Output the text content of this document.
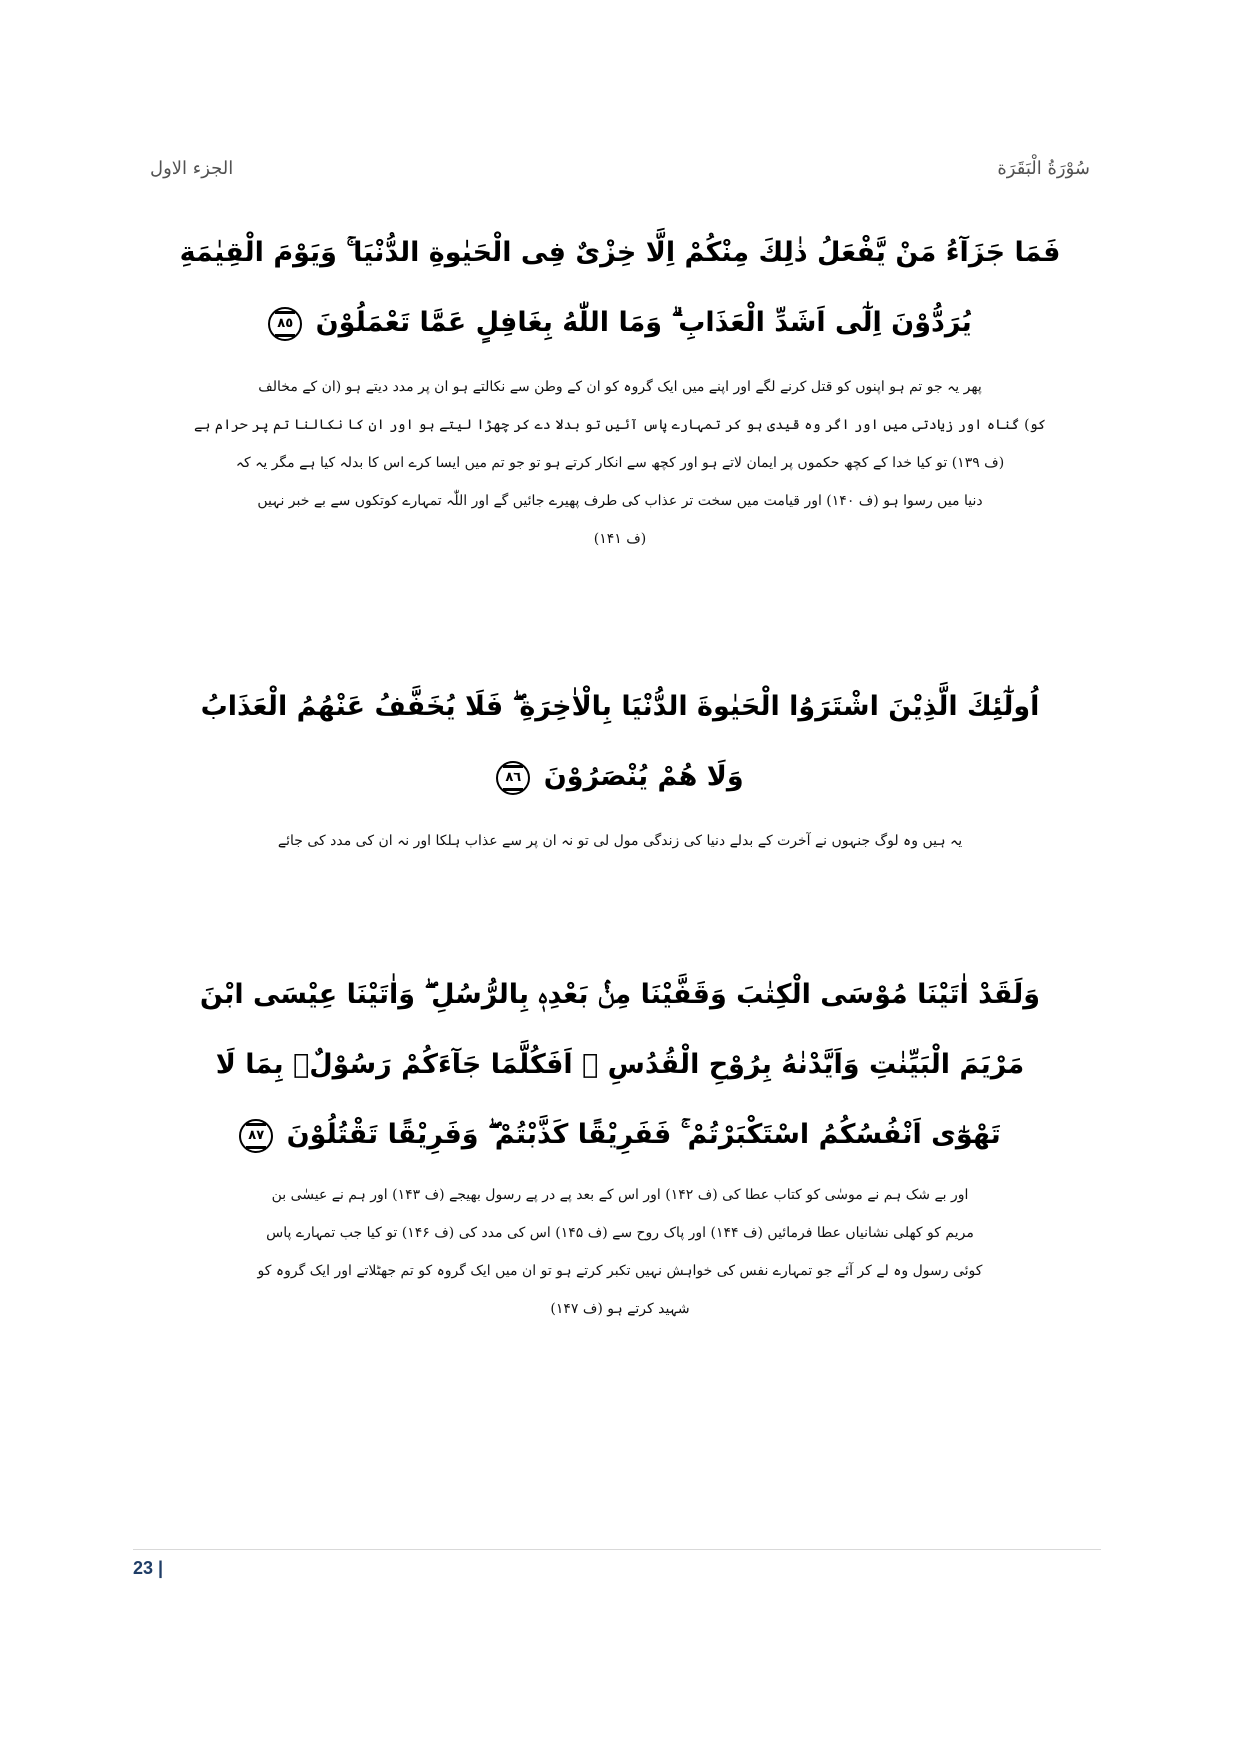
الجزء الاول	سُوْرَةُ الْبَقَرَة
فَمَا جَزَآءُ مَنْ يَّفْعَلُ ذٰلِكَ مِنْكُمْ اِلَّا خِزْىٌ فِى الْحَيٰوةِ الدُّنْيَا ۚ وَيَوْمَ الْقِيٰمَةِ
يُرَدُّوْنَ اِلٰٓى اَشَدِّ الْعَذَابِ ۗ وَمَا اللّٰهُ بِغَافِلٍ عَمَّا تَعْمَلُوْنَ ٨٥
پھر یہ جو تم ہو اپنوں کو قتل کرنے لگے اور اپنے میں ایک گروہ کو ان کے وطن سے نکالتے ہو ان پر مدد دیتے ہو (ان کے مخالف
کو) گناہ اور زیادتی میں اور اگر وہ قیدی ہو کر تمہارے پاس آئیں تو بدلا دے کر چھڑا لیتے ہو اور ان کا نکالنا تم پر حرام ہے
(ف ۱۳۹) تو کیا خدا کے کچھ حکموں پر ایمان لاتے ہو اور کچھ سے انکار کرتے ہو تو جو تم میں ایسا کرے اس کا بدلہ کیا ہے مگر یہ کہ
دنیا میں رسوا ہو (ف ۱۴۰) اور قیامت میں سخت تر عذاب کی طرف پھیرے جائیں گے اور اللّٰہ تمہارے کوتکوں سے بے خبر نہیں
(ف ۱۴۱)
اُولٰٓئِكَ الَّذِيْنَ اشْتَرَوُا الْحَيٰوةَ الدُّنْيَا بِالْاٰخِرَةِ ۖ فَلَا يُخَفَّفُ عَنْهُمُ الْعَذَابُ
وَلَا هُمْ يُنْصَرُوْنَ ٨٦
یہ ہیں وہ لوگ جنہوں نے آخرت کے بدلے دنیا کی زندگی مول لی تو نہ ان پر سے عذاب ہلکا اور نہ ان کی مدد کی جائے
وَلَقَدْ اٰتَيْنَا مُوْسَى الْكِتٰبَ وَقَفَّيْنَا مِنْۢ بَعْدِهٖ بِالرُّسُلِ ۖ وَاٰتَيْنَا عِيْسَى ابْنَ
مَرْيَمَ الْبَيِّنٰتِ وَاَيَّدْنٰهُ بِرُوْحِ الْقُدُسِ ۗ اَفَكُلَّمَا جَآءَكُمْ رَسُوْلٌۢ بِمَا لَا
تَهْوٰٓى اَنْفُسُكُمُ اسْتَكْبَرْتُمْ ۚ فَفَرِيْقًا كَذَّبْتُمْ ۖ وَفَرِيْقًا تَقْتُلُوْنَ ٨٧
اور بے شک ہم نے موسٰی کو کتاب عطا کی (ف ۱۴۲) اور اس کے بعد پے در پے رسول بھیجے (ف ۱۴۳) اور ہم نے عیسٰی بن
مریم کو کھلی نشانیاں عطا فرمائیں (ف ۱۴۴) اور پاک روح سے (ف ۱۴۵) اس کی مدد کی (ف ۱۴۶) تو کیا جب تمہارے پاس
کوئی رسول وہ لے کر آئے جو تمہارے نفس کی خواہش نہیں تکبر کرتے ہو تو ان میں ایک گروہ کو تم جھٹلاتے اور ایک گروہ کو
شہید کرتے ہو (ف ۱۴۷)
23 |
